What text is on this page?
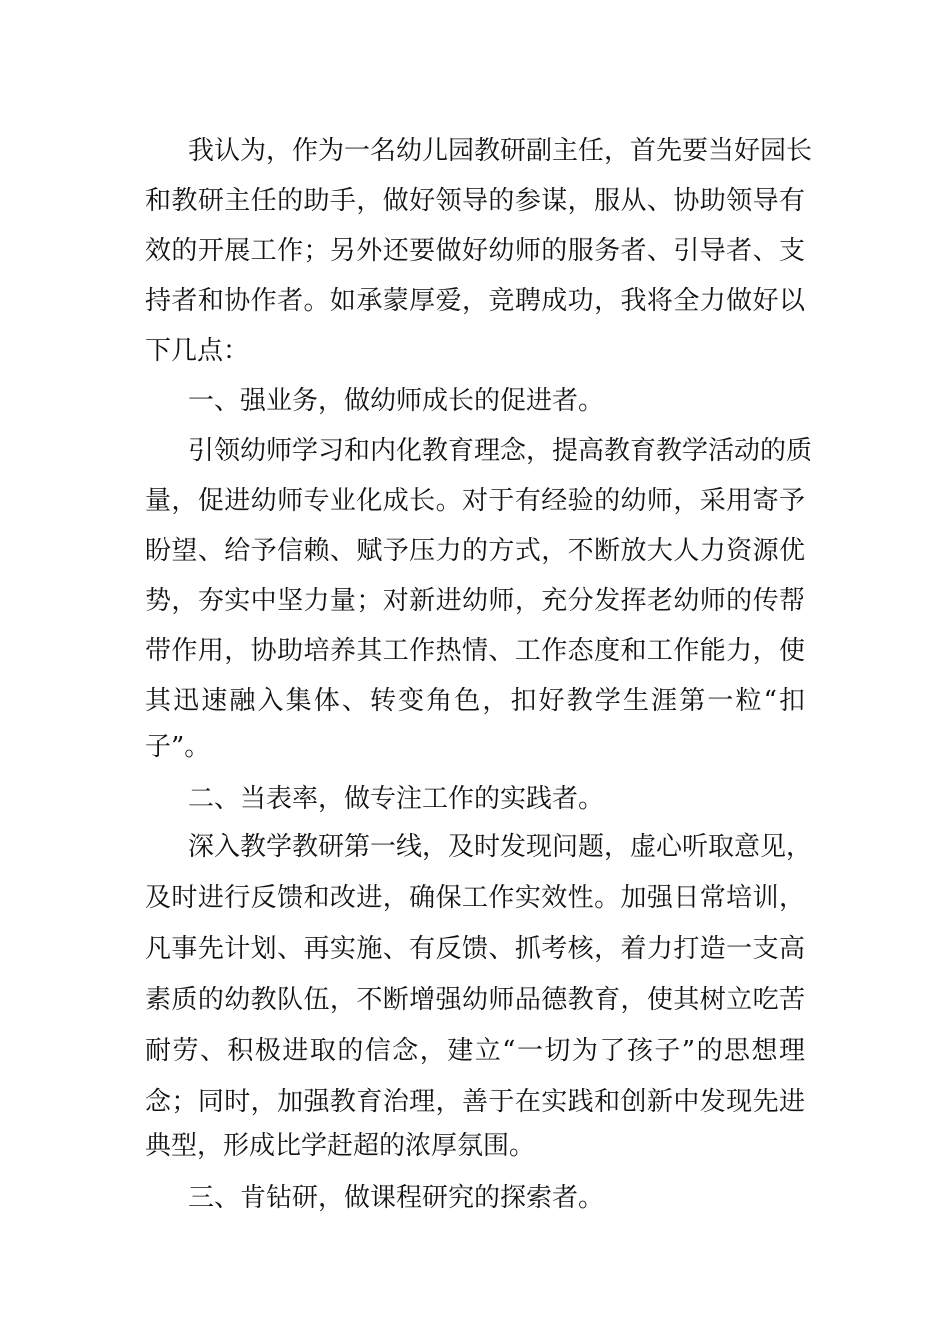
我认为，作为一名幼儿园教研副主任，首先要当好园长
和教研主任的助手，做好领导的参谋，服从、协助领导有
效的开展工作；另外还要做好幼师的服务者、引导者、支
持者和协作者。如承蒙厚爱，竞聘成功，我将全力做好以
下几点：
一、强业务，做幼师成长的促进者。
引领幼师学习和内化教育理念，提高教育教学活动的质
量，促进幼师专业化成长。对于有经验的幼师，采用寄予
盼望、给予信赖、赋予压力的方式，不断放大人力资源优
势，夯实中坚力量；对新进幼师，充分发挥老幼师的传帮
带作用，协助培养其工作热情、工作态度和工作能力，使
其迅速融入集体、转变角色，扣好教学生涯第一粒“扣
子”。
二、当表率，做专注工作的实践者。
深入教学教研第一线，及时发现问题，虚心听取意见，
及时进行反馈和改进，确保工作实效性。加强日常培训，
凡事先计划、再实施、有反馈、抓考核，着力打造一支高
素质的幼教队伍，不断增强幼师品德教育，使其树立吃苦
耐劳、积极进取的信念，建立“一切为了孩子”的思想理
念；同时，加强教育治理，善于在实践和创新中发现先进
典型，形成比学赶超的浓厚氛围。
三、肯钻研，做课程研究的探索者。
